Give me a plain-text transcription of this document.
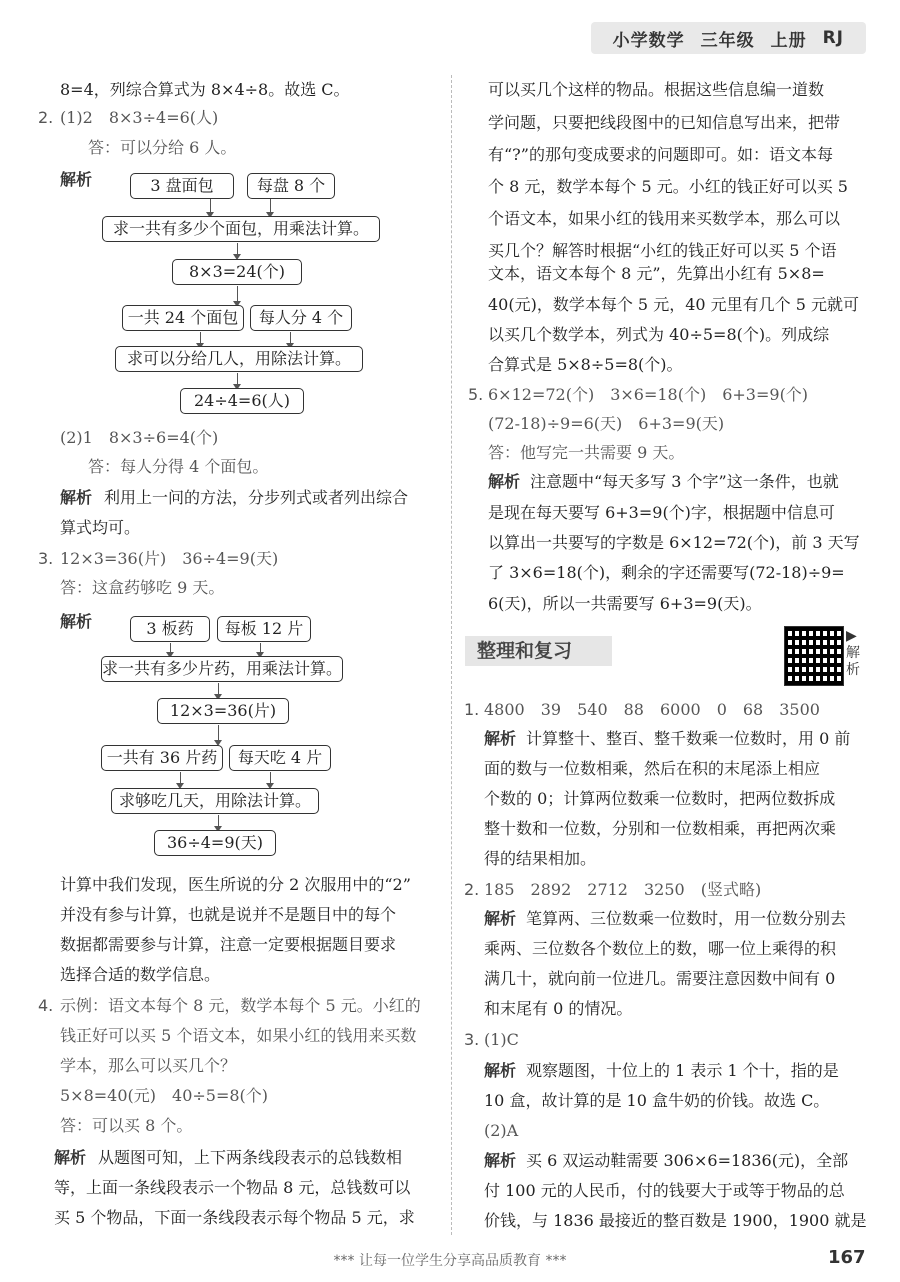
小学数学 三年级 上册 RJ
8=4，列综合算式为 8×4÷8。故选 C。
2. (1)2　8×3÷4=6(人)
答：可以分给 6 人。
解析	3 盘面包	每盘 8 个
求一共有多少个面包，用乘法计算。
8×3=24(个)
一共 24 个面包	每人分 4 个
求可以分给几人，用除法计算。
24÷4=6(人)
(2)1　8×3÷6=4(个)
答：每人分得 4 个面包。
解析 利用上一问的方法，分步列式或者列出综合
算式均可。
3. 12×3=36(片)　36÷4=9(天)
答：这盒药够吃 9 天。
解析	3 板药	每板 12 片
求一共有多少片药，用乘法计算。
12×3=36(片)
一共有 36 片药	每天吃 4 片
求够吃几天，用除法计算。
36÷4=9(天)
计算中我们发现，医生所说的分 2 次服用中的“2”
并没有参与计算，也就是说并不是题目中的每个
数据都需要参与计算，注意一定要根据题目要求
选择合适的数学信息。
4. 示例：语文本每个 8 元，数学本每个 5 元。小红的
钱正好可以买 5 个语文本，如果小红的钱用来买数
学本，那么可以买几个？
5×8=40(元)　40÷5=8(个)
答：可以买 8 个。
解析 从题图可知，上下两条线段表示的总钱数相
等，上面一条线段表示一个物品 8 元，总钱数可以
买 5 个物品，下面一条线段表示每个物品 5 元，求
可以买几个这样的物品。根据这些信息编一道数
学问题，只要把线段图中的已知信息写出来，把带
有“?”的那句变成要求的问题即可。如：语文本每
个 8 元，数学本每个 5 元。小红的钱正好可以买 5
个语文本，如果小红的钱用来买数学本，那么可以
买几个？解答时根据“小红的钱正好可以买 5 个语
文本，语文本每个 8 元”，先算出小红有 5×8=
40(元)，数学本每个 5 元，40 元里有几个 5 元就可
以买几个数学本，列式为 40÷5=8(个)。列成综
合算式是 5×8÷5=8(个)。
5. 6×12=72(个)　3×6=18(个)　6+3=9(个)
(72-18)÷9=6(天)　6+3=9(天)
答：他写完一共需要 9 天。
解析 注意题中“每天多写 3 个字”这一条件，也就
是现在每天要写 6+3=9(个)字，根据题中信息可
以算出一共要写的字数是 6×12=72(个)，前 3 天写
了 3×6=18(个)，剩余的字还需要写(72-18)÷9=
6(天)，所以一共需要写 6+3=9(天)。
整理和复习
▶解析
1. 4800　39　540　88　6000　0　68　3500
解析 计算整十、整百、整千数乘一位数时，用 0 前
面的数与一位数相乘，然后在积的末尾添上相应
个数的 0；计算两位数乘一位数时，把两位数拆成
整十数和一位数，分别和一位数相乘，再把两次乘
得的结果相加。
2. 185　2892　2712　3250　(竖式略)
解析 笔算两、三位数乘一位数时，用一位数分别去
乘两、三位数各个数位上的数，哪一位上乘得的积
满几十，就向前一位进几。需要注意因数中间有 0
和末尾有 0 的情况。
3. (1)C
解析 观察题图，十位上的 1 表示 1 个十，指的是
10 盒，故计算的是 10 盒牛奶的价钱。故选 C。
(2)A
解析 买 6 双运动鞋需要 306×6=1836(元)，全部
付 100 元的人民币，付的钱要大于或等于物品的总
价钱，与 1836 最接近的整百数是 1900，1900 就是
*** 让每一位学生分享高品质教育 ***	167
